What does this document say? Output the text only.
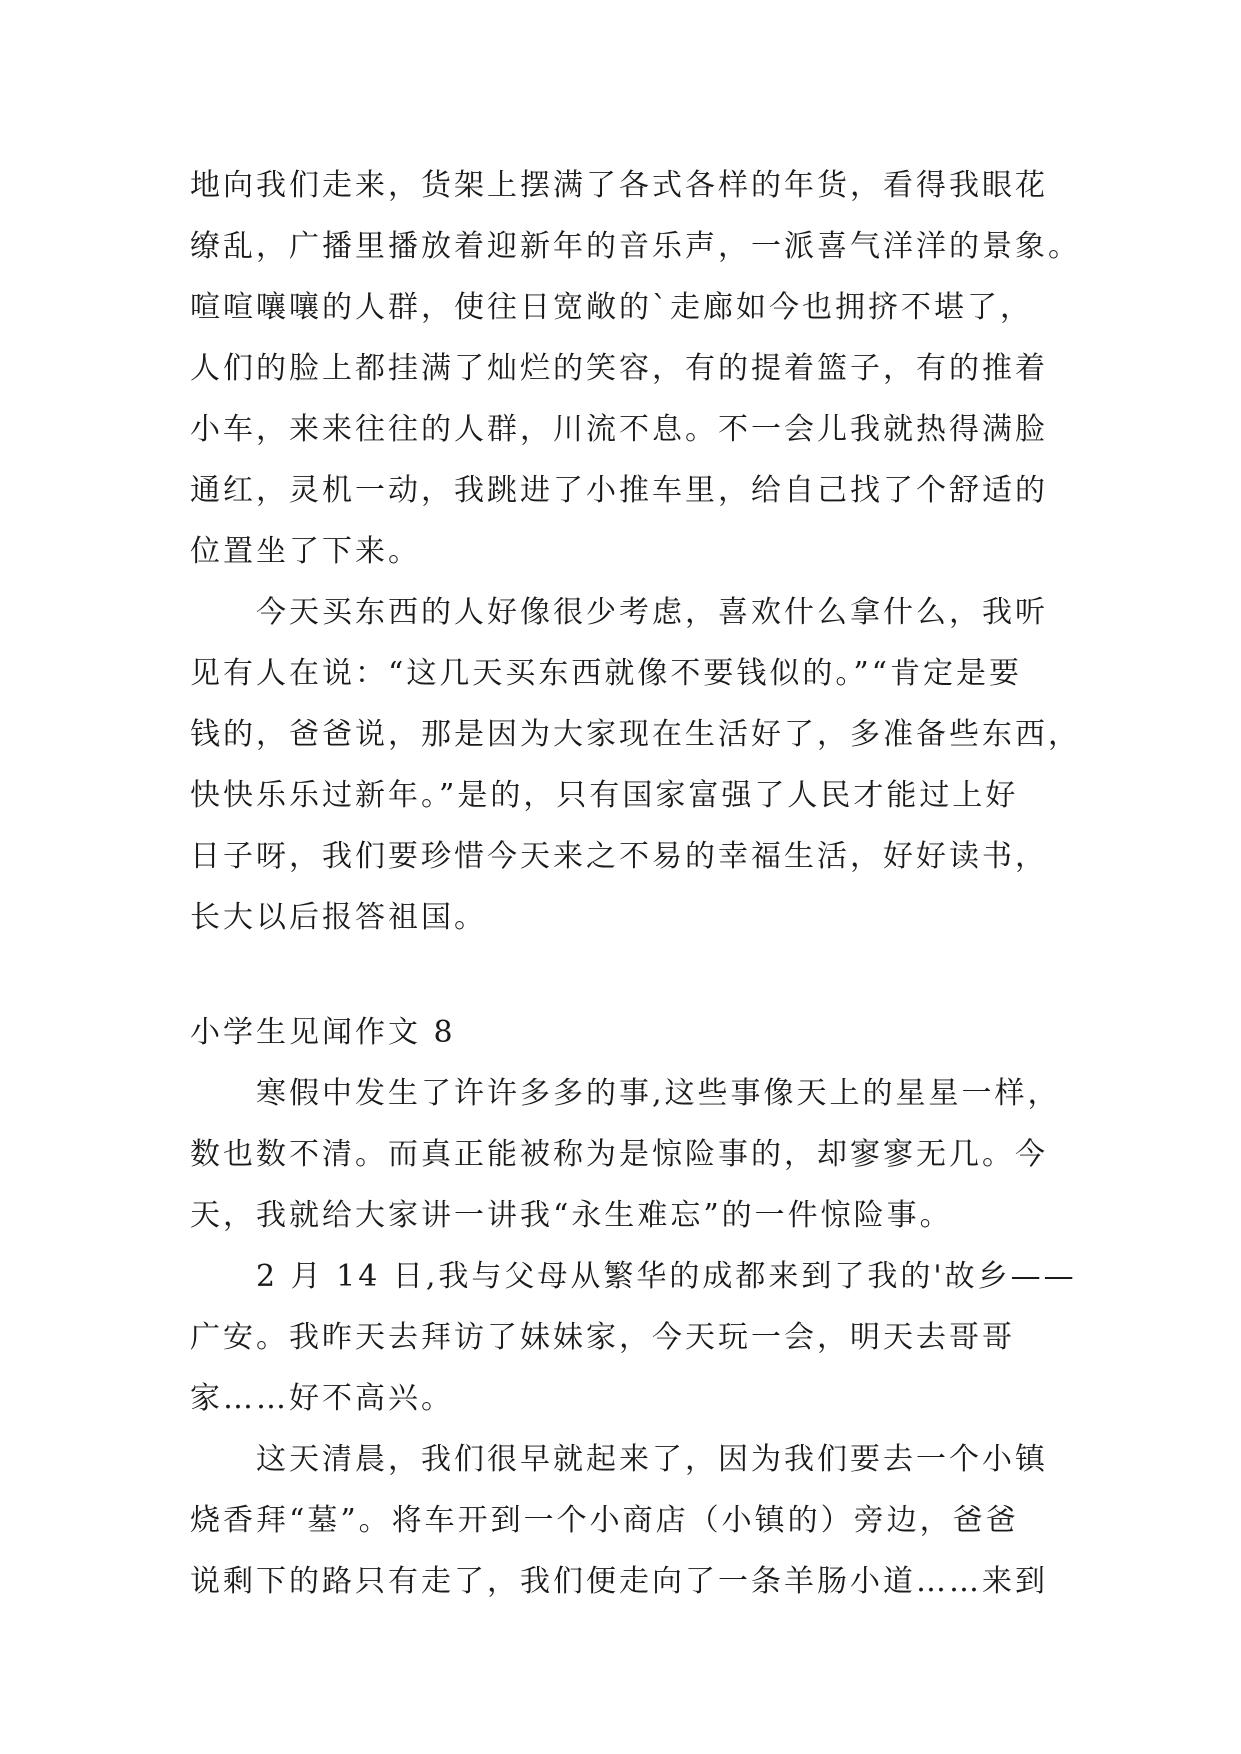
地向我们走来，货架上摆满了各式各样的年货，看得我眼花
缭乱，广播里播放着迎新年的音乐声，一派喜气洋洋的景象。
喧喧嚷嚷的人群，使往日宽敞的`走廊如今也拥挤不堪了，
人们的脸上都挂满了灿烂的笑容，有的提着篮子，有的推着
小车，来来往往的人群，川流不息。不一会儿我就热得满脸
通红，灵机一动，我跳进了小推车里，给自己找了个舒适的
位置坐了下来。
今天买东西的人好像很少考虑，喜欢什么拿什么，我听
见有人在说：“这几天买东西就像不要钱似的。”“肯定是要
钱的，爸爸说，那是因为大家现在生活好了，多准备些东西，
快快乐乐过新年。”是的，只有国家富强了人民才能过上好
日子呀，我们要珍惜今天来之不易的幸福生活，好好读书，
长大以后报答祖国。
小学生见闻作文 8
寒假中发生了许许多多的事,这些事像天上的星星一样，
数也数不清。而真正能被称为是惊险事的，却寥寥无几。今
天，我就给大家讲一讲我“永生难忘”的一件惊险事。
2 月 14 日,我与父母从繁华的成都来到了我的'故乡——
广安。我昨天去拜访了妹妹家，今天玩一会，明天去哥哥
家……好不高兴。
这天清晨，我们很早就起来了，因为我们要去一个小镇
烧香拜“墓”。将车开到一个小商店（小镇的）旁边，爸爸
说剩下的路只有走了，我们便走向了一条羊肠小道……来到
